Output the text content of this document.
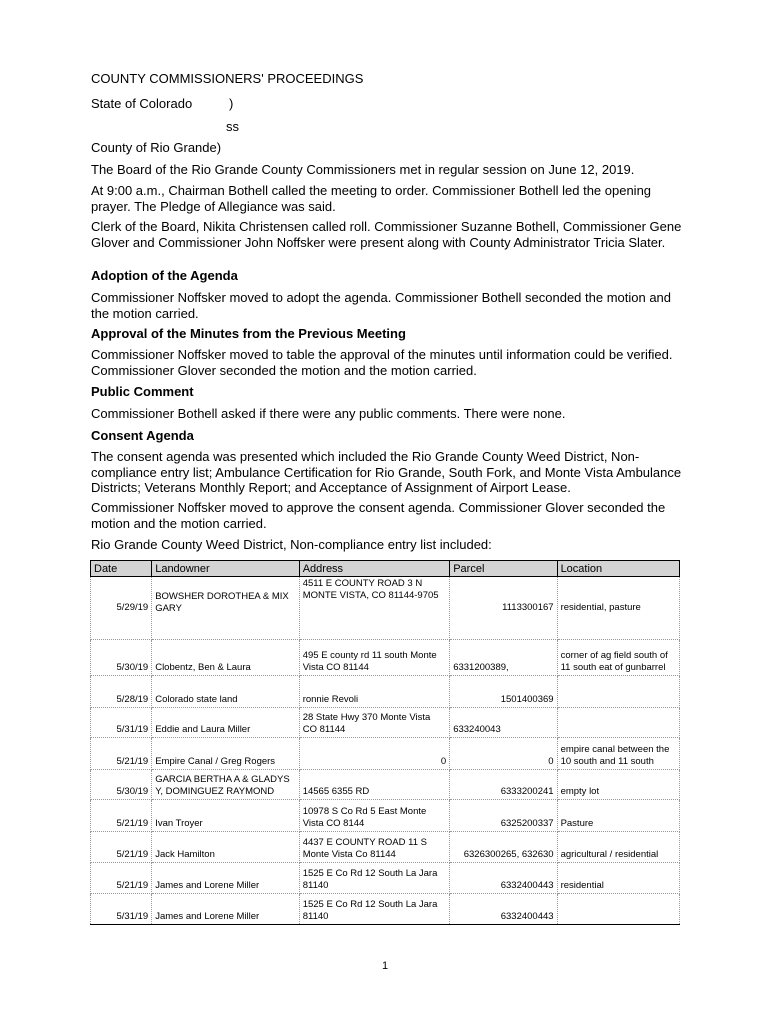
COUNTY COMMISSIONERS' PROCEEDINGS
State of Colorado	)
ss
County of Rio Grande)

The Board of the Rio Grande County Commissioners met in regular session on June 12, 2019.

At 9:00 a.m., Chairman Bothell called the meeting to order. Commissioner Bothell led the opening prayer. The Pledge of Allegiance was said.

Clerk of the Board, Nikita Christensen called roll. Commissioner Suzanne Bothell, Commissioner Gene Glover and Commissioner John Noffsker were present along with County Administrator Tricia Slater.

Adoption of the Agenda

Commissioner Noffsker moved to adopt the agenda. Commissioner Bothell seconded the motion and the motion carried.

Approval of the Minutes from the Previous Meeting

Commissioner Noffsker moved to table the approval of the minutes until information could be verified. Commissioner Glover seconded the motion and the motion carried.

Public Comment

Commissioner Bothell asked if there were any public comments. There were none.

Consent Agenda

The consent agenda was presented which included the Rio Grande County Weed District, Non-compliance entry list; Ambulance Certification for Rio Grande, South Fork, and Monte Vista Ambulance Districts; Veterans Monthly Report; and Acceptance of Assignment of Airport Lease.

Commissioner Noffsker moved to approve the consent agenda. Commissioner Glover seconded the motion and the motion carried.

Rio Grande County Weed District, Non-compliance entry list included:

Date	Landowner	Address	Parcel	Location
5/29/19	BOWSHER DOROTHEA & MIX GARY	4511 E COUNTY ROAD 3 N MONTE VISTA, CO 81144-9705	1113300167	residential, pasture
5/30/19	Clobentz, Ben & Laura	495 E county rd 11 south Monte Vista CO 81144	6331200389,	corner of ag field south of 11 south eat of gunbarrel
5/28/19	Colorado state land	ronnie Revoli	1501400369	
5/31/19	Eddie and Laura Miller	28 State Hwy 370 Monte Vista CO 81144	633240043	
5/21/19	Empire Canal / Greg Rogers	0	0	empire canal between the 10 south and 11 south
5/30/19	GARCIA BERTHA A & GLADYS Y, DOMINGUEZ RAYMOND	14565 6355 RD	6333200241	empty lot
5/21/19	Ivan Troyer	10978 S Co Rd 5 East Monte Vista CO 8144	6325200337	Pasture
5/21/19	Jack Hamilton	4437 E COUNTY ROAD 11 S Monte Vista Co 81144	6326300265, 632630	agricultural / residential
5/21/19	James and Lorene Miller	1525 E Co Rd 12 South La Jara 81140	6332400443	residential
5/31/19	James and Lorene Miller	1525 E Co Rd 12 South La Jara 81140	6332400443	
1
